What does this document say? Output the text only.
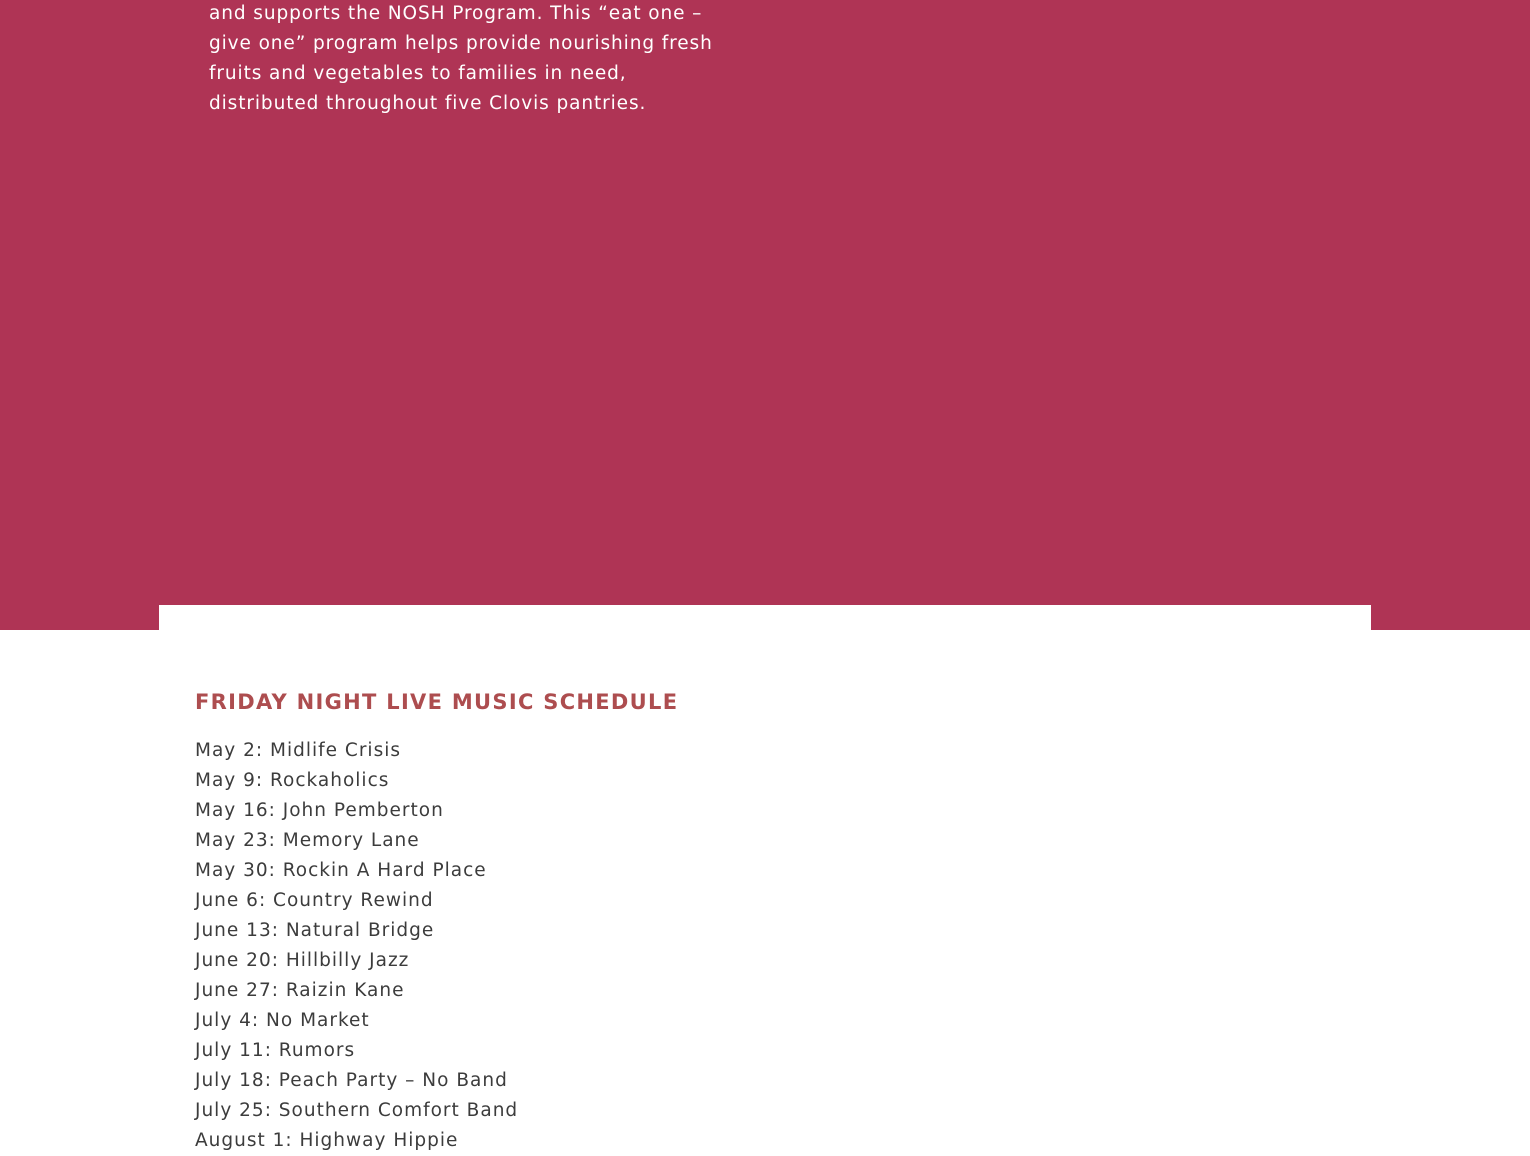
and supports the NOSH Program. This “eat one – give one” program helps provide nourishing fresh fruits and vegetables to families in need, distributed throughout five Clovis pantries.

FRIDAY NIGHT LIVE MUSIC SCHEDULE
May 2: Midlife Crisis
May 9: Rockaholics
May 16: John Pemberton
May 23: Memory Lane
May 30: Rockin A Hard Place
June 6: Country Rewind
June 13: Natural Bridge
June 20: Hillbilly Jazz
June 27: Raizin Kane
July 4: No Market
July 11: Rumors
July 18: Peach Party – No Band
July 25: Southern Comfort Band
August 1: Highway Hippie
